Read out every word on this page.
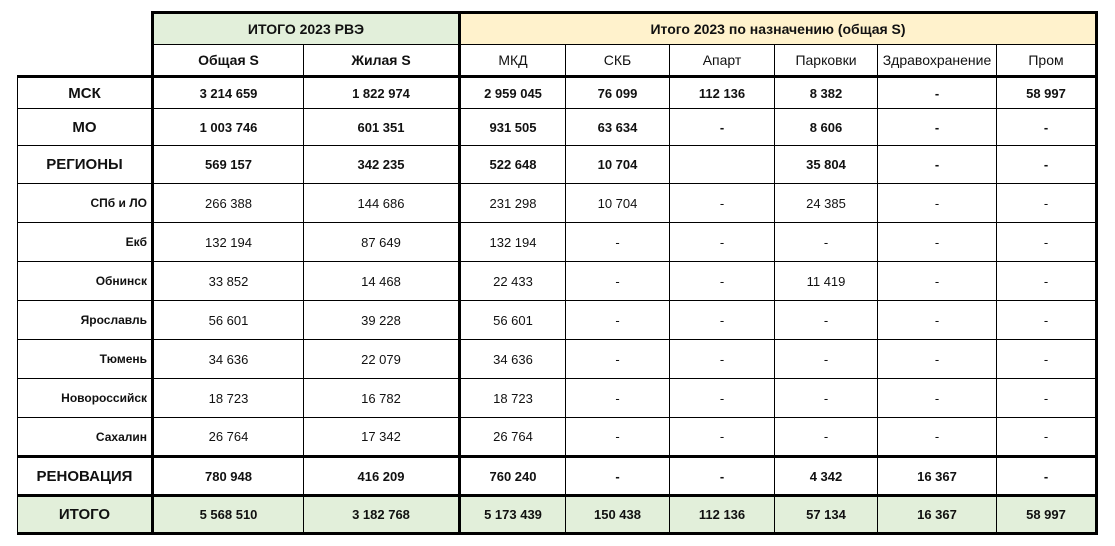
	ИТОГО 2023 РВЭ		Итого 2023 по назначению (общая S)					
	Общая S	Жилая S	МКД	СКБ	Апарт	Парковки	Здравохранение	Пром
МСК	3 214 659	1 822 974	2 959 045	76 099	112 136	8 382	-	58 997
МО	1 003 746	601 351	931 505	63 634	-	8 606	-	-
РЕГИОНЫ	569 157	342 235	522 648	10 704		35 804	-	-
СПб и ЛО	266 388	144 686	231 298	10 704	-	24 385	-	-
Екб	132 194	87 649	132 194	-	-	-	-	-
Обнинск	33 852	14 468	22 433	-	-	11 419	-	-
Ярославль	56 601	39 228	56 601	-	-	-	-	-
Тюмень	34 636	22 079	34 636	-	-	-	-	-
Новороссийск	18 723	16 782	18 723	-	-	-	-	-
Сахалин	26 764	17 342	26 764	-	-	-	-	-
РЕНОВАЦИЯ	780 948	416 209	760 240	-	-	4 342	16 367	-
ИТОГО	5 568 510	3 182 768	5 173 439	150 438	112 136	57 134	16 367	58 997
